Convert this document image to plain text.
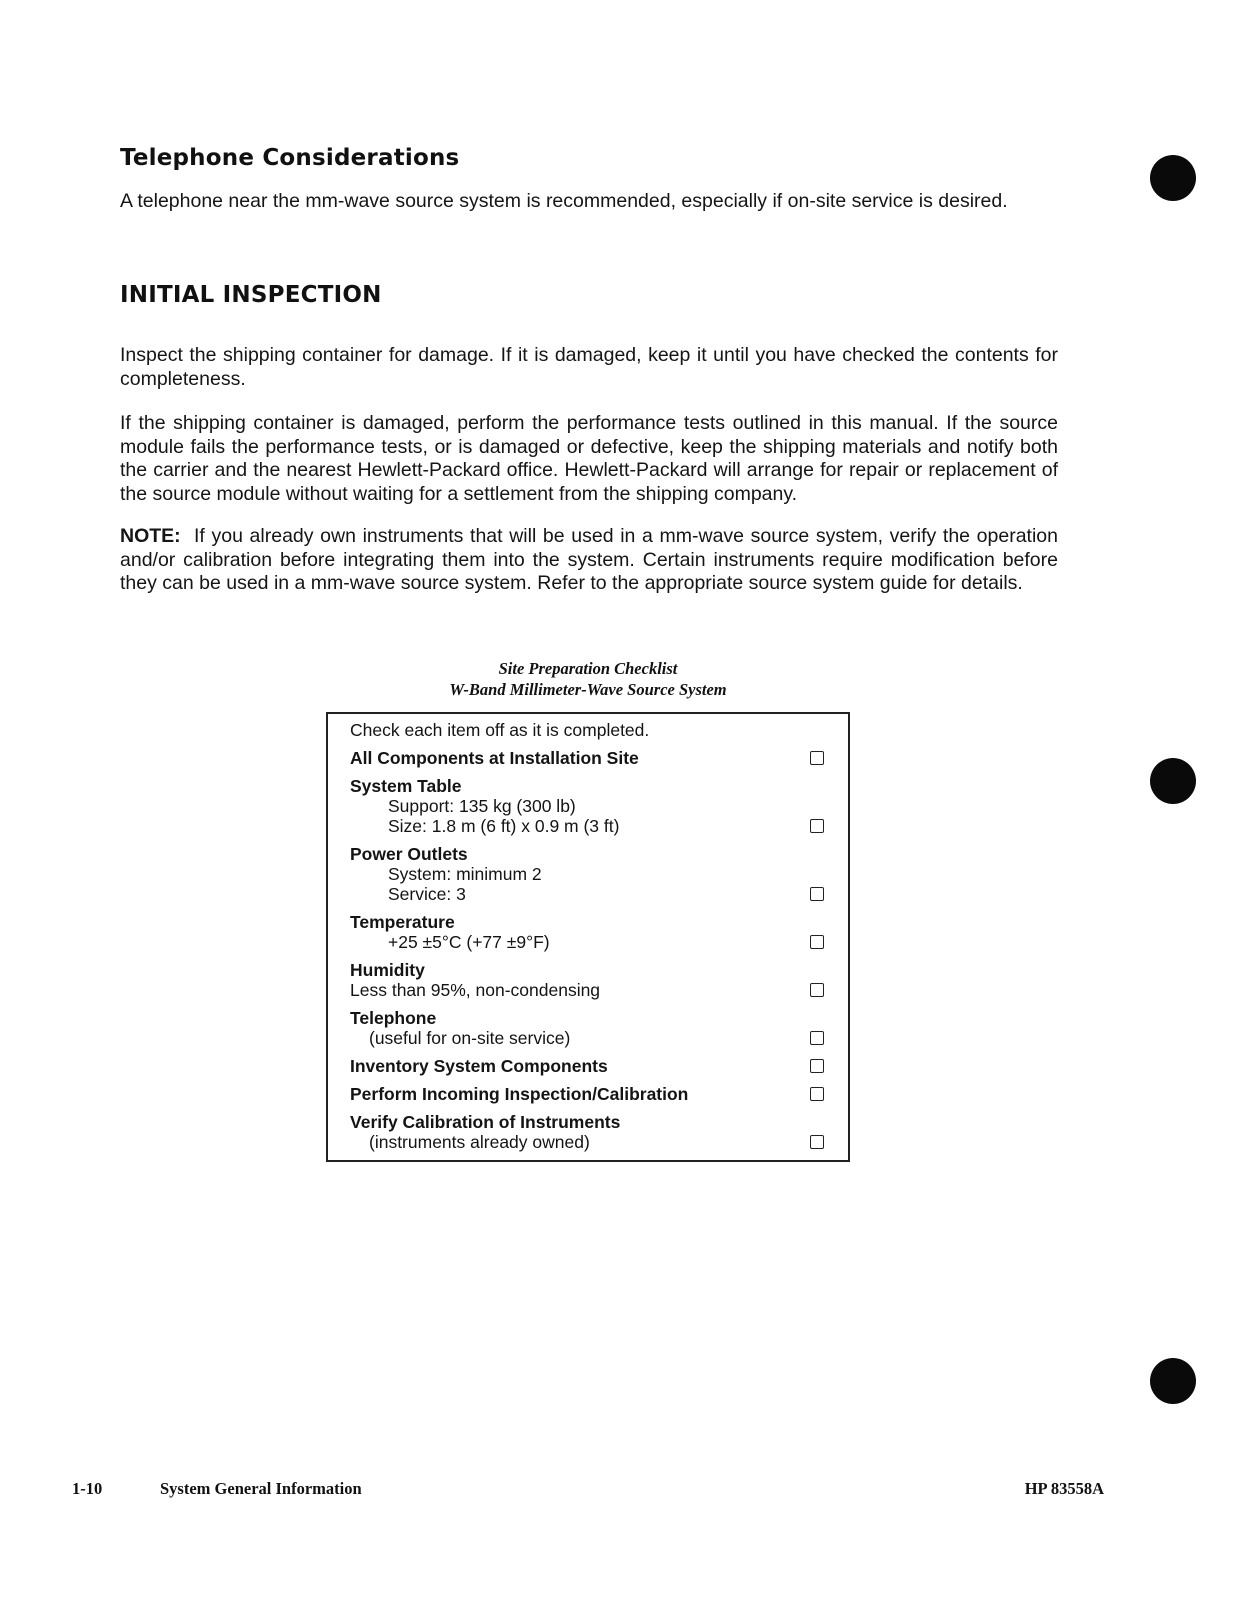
Telephone Considerations
A telephone near the mm-wave source system is recommended, especially if on-site service is desired.
INITIAL INSPECTION
Inspect the shipping container for damage. If it is damaged, keep it until you have checked the contents for completeness.
If the shipping container is damaged, perform the performance tests outlined in this manual. If the source module fails the performance tests, or is damaged or defective, keep the shipping materials and notify both the carrier and the nearest Hewlett-Packard office. Hewlett-Packard will arrange for repair or replacement of the source module without waiting for a settlement from the shipping company.
NOTE: If you already own instruments that will be used in a mm-wave source system, verify the operation and/or calibration before integrating them into the system. Certain instruments require modification before they can be used in a mm-wave source system. Refer to the appropriate source system guide for details.
Site Preparation Checklist
W-Band Millimeter-Wave Source System
Check each item off as it is completed.
All Components at Installation Site
System Table
Support: 135 kg (300 lb)
Size: 1.8 m (6 ft) x 0.9 m (3 ft)
Power Outlets
System: minimum 2
Service: 3
Temperature
+25 ±5°C (+77 ±9°F)
Humidity
Less than 95%, non-condensing
Telephone
(useful for on-site service)
Inventory System Components
Perform Incoming Inspection/Calibration
Verify Calibration of Instruments
(instruments already owned)
1-10	System General Information	HP 83558A
